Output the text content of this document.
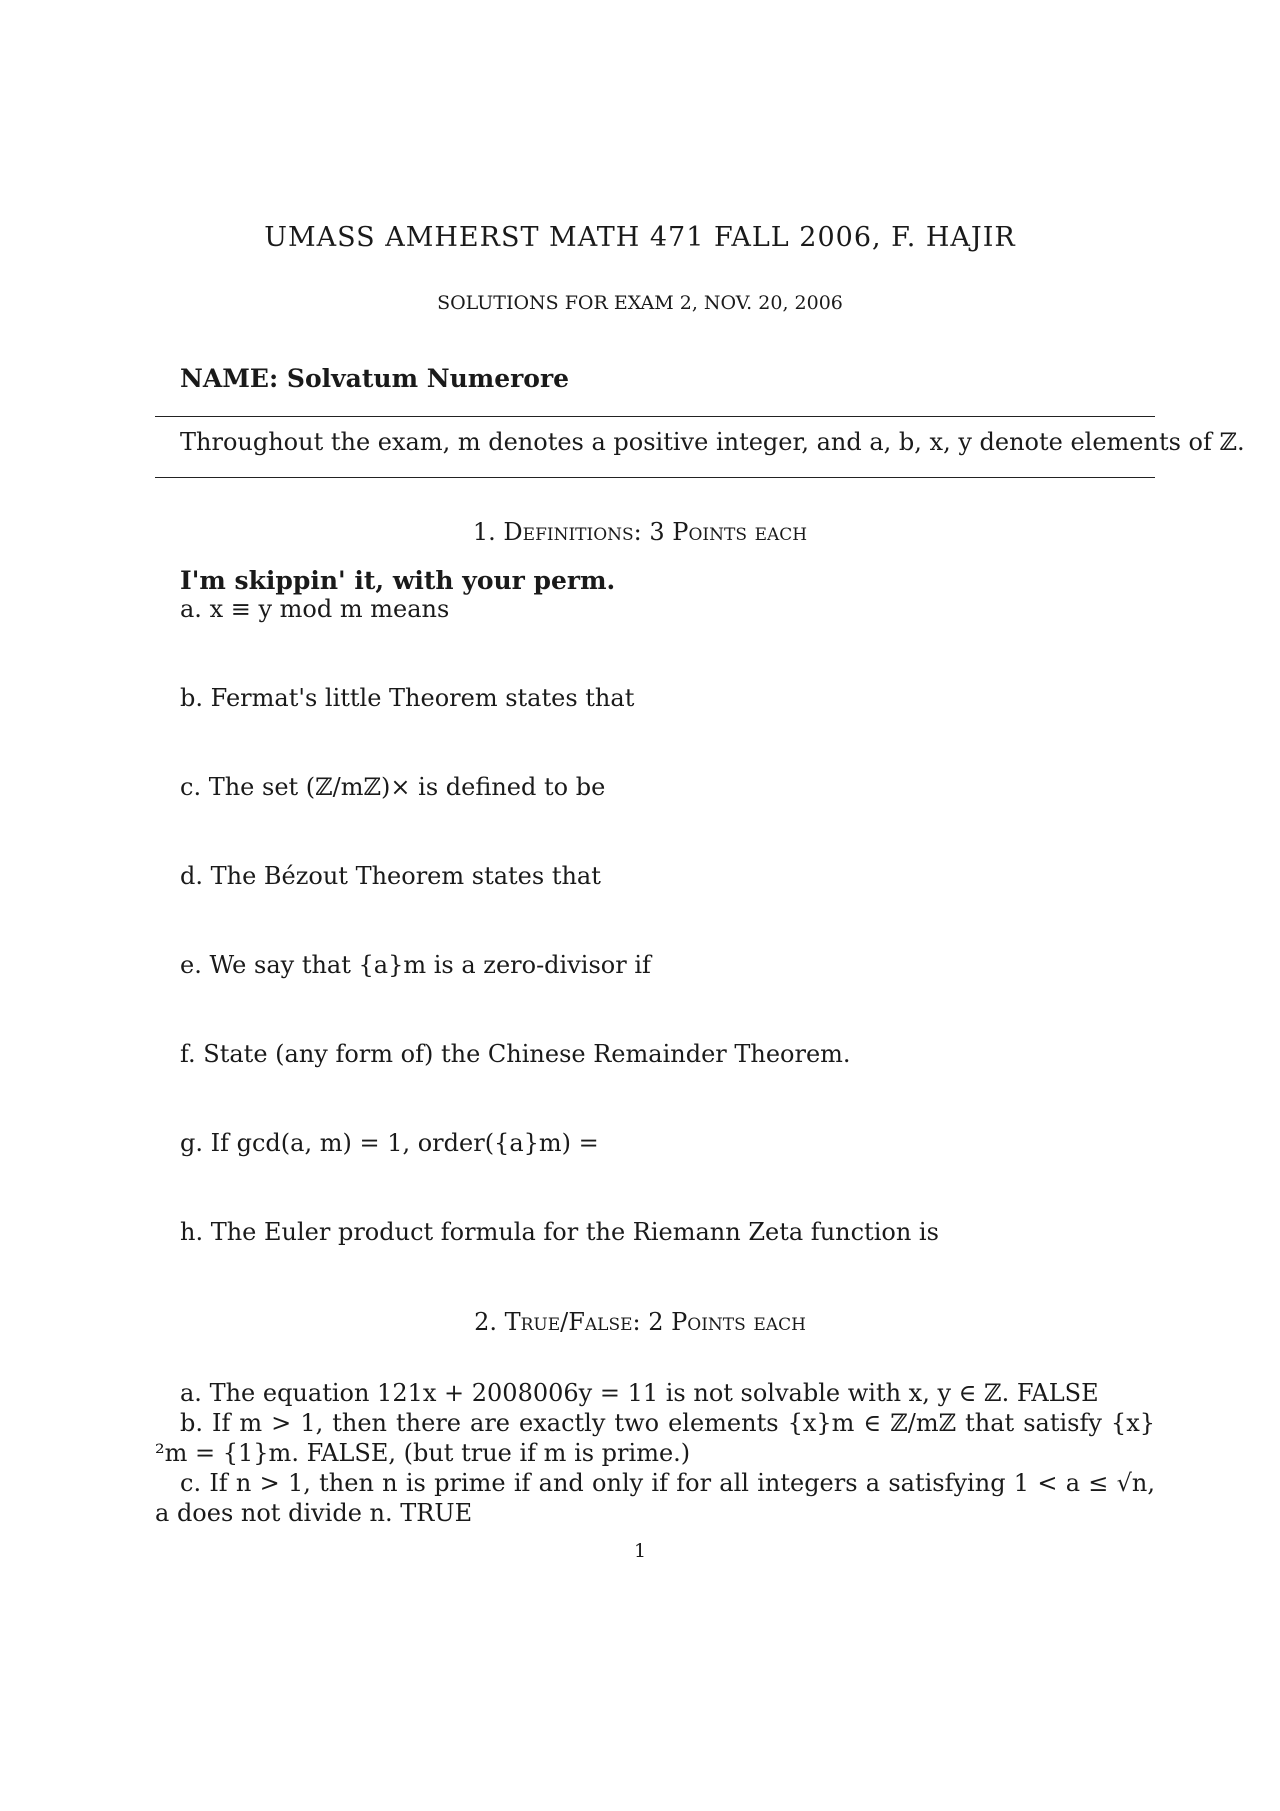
UMASS AMHERST MATH 471 FALL 2006, F. HAJIR
SOLUTIONS FOR EXAM 2, NOV. 20, 2006
NAME: Solvatum Numerore
Throughout the exam, m denotes a positive integer, and a, b, x, y denote elements of ℤ.
1. Definitions: 3 Points each
I'm skippin' it, with your perm.
a. x ≡ y mod m means
b. Fermat's little Theorem states that
c. The set (ℤ/mℤ)× is defined to be
d. The Bézout Theorem states that
e. We say that {a}m is a zero-divisor if
f. State (any form of) the Chinese Remainder Theorem.
g. If gcd(a, m) = 1, order({a}m) =
h. The Euler product formula for the Riemann Zeta function is
2. True/False: 2 Points each

a. The equation 121x + 2008006y = 11 is not solvable with x, y ∈ ℤ. FALSE

b. If m > 1, then there are exactly two elements {x}m ∈ ℤ/mℤ that satisfy {x}²m = {1}m. FALSE, (but true if m is prime.)

c. If n > 1, then n is prime if and only if for all integers a satisfying 1 < a ≤ √n, a does not divide n. TRUE

1
